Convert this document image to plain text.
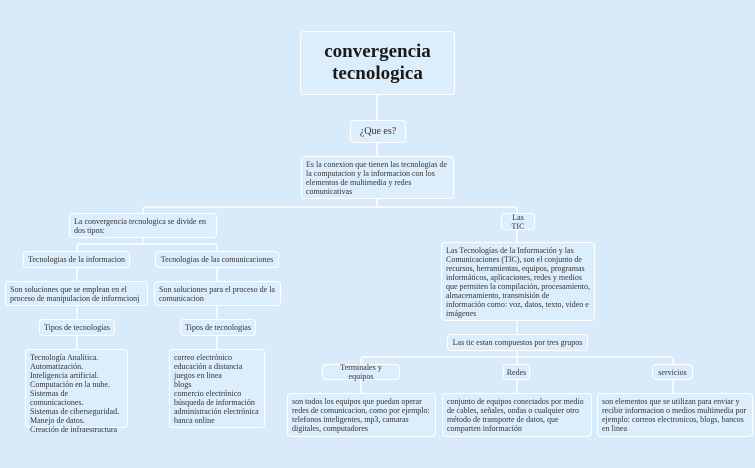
convergencia tecnologica
¿Que es?
Es la conexion que tienen las tecnologias de la computacion y la informacion con los elementos de multimedia y redes comunicativas
La convergencia tecnologica se divide en dos tipos:
Tecnologias de la informacion	Tecnologias de las comunicaciones
Son soluciones que se emplean en el proceso de manipulacion de informcionj
Son soluciones para el proceso de la comunicacion
Tipos de tecnologias	Tipos de tecnologias
Tecnología Analítica.
Automatización.
Inteligencia artificial.
Computación en la nube.
Sistemas de comunicaciones.
Sistemas de ciberseguridad.
Manejo de datos.
Creación de infraestructura
correo electrónico
educación a distancia
juegos en linea
blogs
comercio electrónico
búsqueda de información
administración electrónica
banca online
Las TIC
Las Tecnologías de la Información y las Comunicaciones (TIC), son el conjunto de recursos, herramientas, equipos, programas informáticos, aplicaciones, redes y medios que permiten la compilación, procesamiento, almacenamiento, transmisión de información como: voz, datos, texto, video e imágenes
Las tic estan compuestos por tres grupos
Terminales y equipos	Redes	servicios
son todos los equipos que puedan operar redes de comunicacion, como por ejemplo: telefonos inteligentes, mp3, camaras digitales, computadores
conjunto de equipos conectados por medio de cables, señales, ondas o cualquier otro método de transporte de datos, que comparten información
son elementos que se utilizan para enviar y recibir informacion o medios multimedia por ejemplo: correos electronicos, blogs, bancos en linea
